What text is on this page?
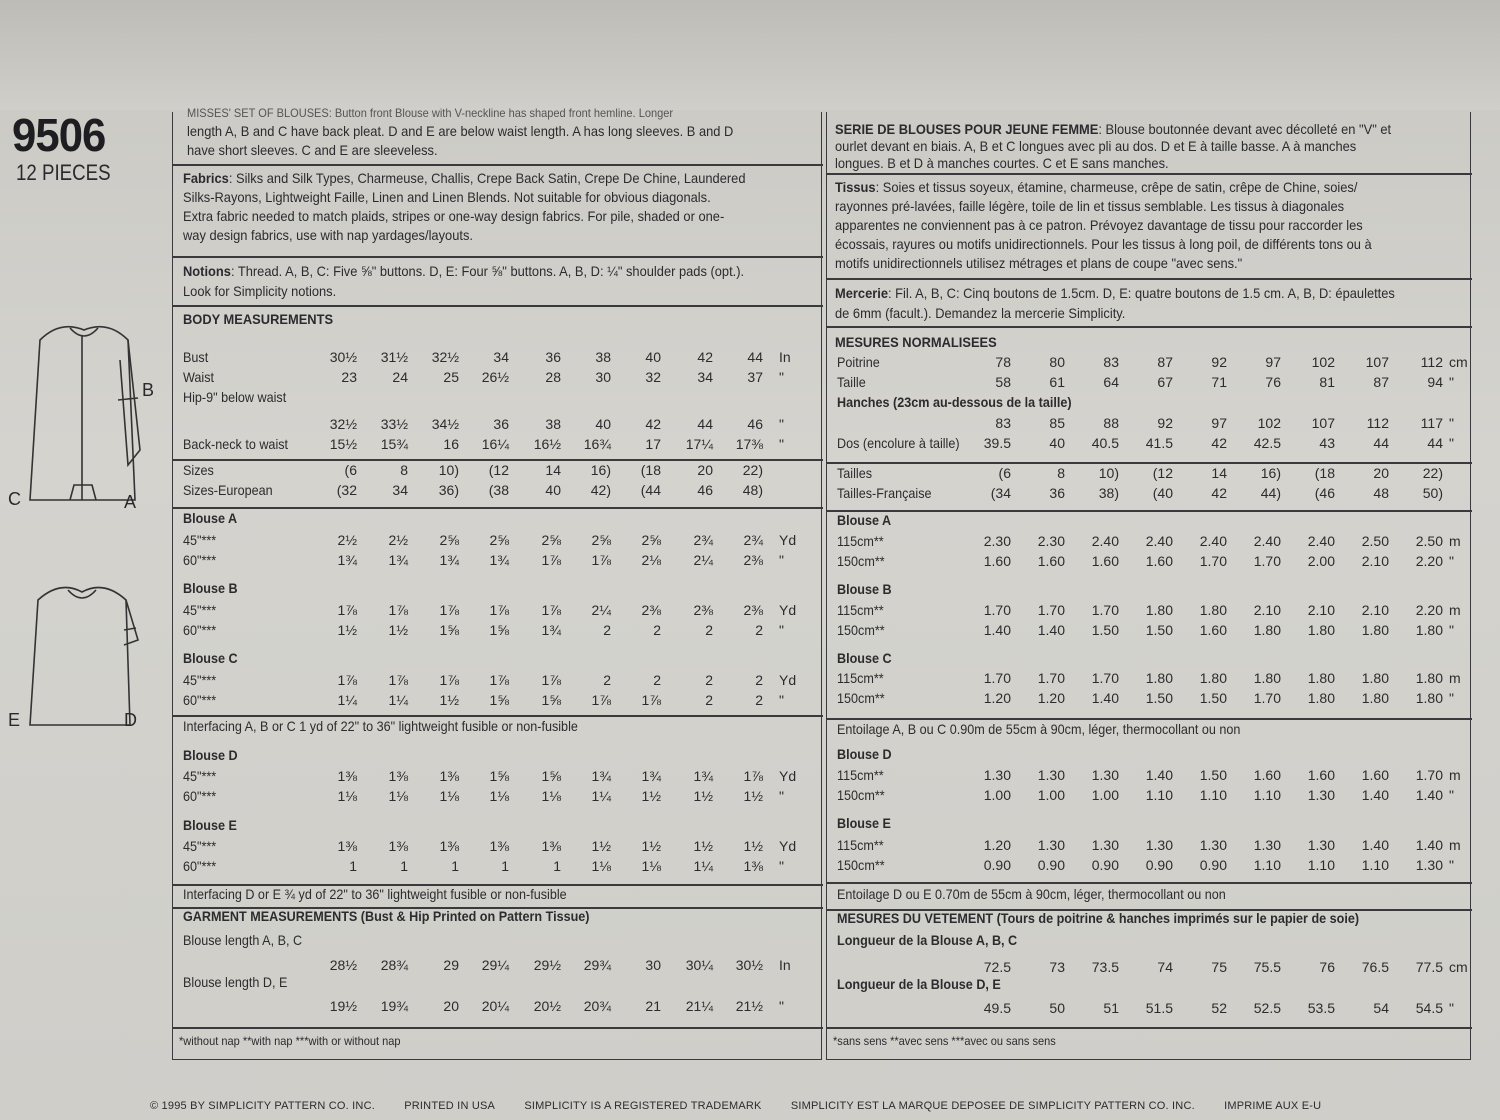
9506
12 PIECES
B
C	A
E	D
MISSES' SET OF BLOUSES: Button front Blouse with V-neckline has shaped front hemline. Longer
length A, B and C have back pleat. D and E are below waist length. A has long sleeves. B and D
have short sleeves. C and E are sleeveless.
Fabrics: Silks and Silk Types, Charmeuse, Challis, Crepe Back Satin, Crepe De Chine, Laundered
Silks-Rayons, Lightweight Faille, Linen and Linen Blends. Not suitable for obvious diagonals.
Extra fabric needed to match plaids, stripes or one-way design fabrics. For pile, shaded or one-
way design fabrics, use with nap yardages/layouts.
Notions: Thread. A, B, C: Five ⅝" buttons. D, E: Four ⅝" buttons. A, B, D: ¼" shoulder pads (opt.).
Look for Simplicity notions.
BODY MEASUREMENTS
Bust	30½	31½	32½	34	36	38	40	42	44 In
Waist	23	24	25	26½	28	30	32	34	37 "
Hip-9" below waist
32½	33½	34½	36	38	40	42	44	46 "
Back-neck to waist	15½	15¾	16	16¼	16½	16¾	17	17¼	17⅜ "
Sizes	(6	8	10)	(12	14	16)	(18	20	22)
Sizes-European	(32	34	36)	(38	40	42)	(44	46	48)
Blouse A
45"***	2½	2½	2⅝	2⅝	2⅝	2⅝	2⅝	2¾	2¾ Yd
60"***	1¾	1¾	1¾	1¾	1⅞	1⅞	2⅛	2¼	2⅜ "
Blouse B
45"***	1⅞	1⅞	1⅞	1⅞	1⅞	2¼	2⅜	2⅜	2⅜ Yd
60"***	1½	1½	1⅝	1⅝	1¾	2	2	2	2 "
Blouse C
45"***	1⅞	1⅞	1⅞	1⅞	1⅞	2	2	2	2 Yd
60"***	1¼	1¼	1½	1⅝	1⅝	1⅞	1⅞	2	2 "
Interfacing A, B or C 1 yd of 22" to 36" lightweight fusible or non-fusible
Blouse D
45"***	1⅜	1⅜	1⅜	1⅝	1⅝	1¾	1¾	1¾	1⅞ Yd
60"***	1⅛	1⅛	1⅛	1⅛	1⅛	1¼	1½	1½	1½ "
Blouse E
45"***	1⅜	1⅜	1⅜	1⅜	1⅜	1½	1½	1½	1½ Yd
60"***	1	1	1	1	1	1⅛	1⅛	1¼	1⅜ "
Interfacing D or E ¾ yd of 22" to 36" lightweight fusible or non-fusible
GARMENT MEASUREMENTS (Bust & Hip Printed on Pattern Tissue)
Blouse length A, B, C
28½	28¾	29	29¼	29½	29¾	30	30¼	30½ In
Blouse length D, E
19½	19¾	20	20¼	20½	20¾	21	21¼	21½ "
*without nap **with nap ***with or without nap
SERIE DE BLOUSES POUR JEUNE FEMME: Blouse boutonnée devant avec décolleté en "V" et
ourlet devant en biais. A, B et C longues avec pli au dos. D et E à taille basse. A à manches
longues. B et D à manches courtes. C et E sans manches.
Tissus: Soies et tissus soyeux, étamine, charmeuse, crêpe de satin, crêpe de Chine, soies/
rayonnes pré-lavées, faille légère, toile de lin et tissus semblable. Les tissus à diagonales
apparentes ne conviennent pas à ce patron. Prévoyez davantage de tissu pour raccorder les
écossais, rayures ou motifs unidirectionnels. Pour les tissus à long poil, de différents tons ou à
motifs unidirectionnels utilisez métrages et plans de coupe "avec sens."
Mercerie: Fil. A, B, C: Cinq boutons de 1.5cm. D, E: quatre boutons de 1.5 cm. A, B, D: épaulettes
de 6mm (facult.). Demandez la mercerie Simplicity.
MESURES NORMALISEES
Poitrine	78	80	83	87	92	97	102	107	112 cm
Taille	58	61	64	67	71	76	81	87	94 "
Hanches (23cm au-dessous de la taille)
83	85	88	92	97	102	107	112	117 "
Dos (encolure à taille)	39.5	40	40.5	41.5	42	42.5	43	44	44 "
Tailles	(6	8	10)	(12	14	16)	(18	20	22)
Tailles-Française	(34	36	38)	(40	42	44)	(46	48	50)
Blouse A
115cm**	2.30	2.30	2.40	2.40	2.40	2.40	2.40	2.50	2.50 m
150cm**	1.60	1.60	1.60	1.60	1.70	1.70	2.00	2.10	2.20 "
Blouse B
115cm**	1.70	1.70	1.70	1.80	1.80	2.10	2.10	2.10	2.20 m
150cm**	1.40	1.40	1.50	1.50	1.60	1.80	1.80	1.80	1.80 "
Blouse C
115cm**	1.70	1.70	1.70	1.80	1.80	1.80	1.80	1.80	1.80 m
150cm**	1.20	1.20	1.40	1.50	1.50	1.70	1.80	1.80	1.80 "
Entoilage A, B ou C 0.90m de 55cm à 90cm, léger, thermocollant ou non
Blouse D
115cm**	1.30	1.30	1.30	1.40	1.50	1.60	1.60	1.60	1.70 m
150cm**	1.00	1.00	1.00	1.10	1.10	1.10	1.30	1.40	1.40 "
Blouse E
115cm**	1.20	1.30	1.30	1.30	1.30	1.30	1.30	1.40	1.40 m
150cm**	0.90	0.90	0.90	0.90	0.90	1.10	1.10	1.10	1.30 "
Entoilage D ou E 0.70m de 55cm à 90cm, léger, thermocollant ou non
MESURES DU VETEMENT (Tours de poitrine & hanches imprimés sur le papier de soie)
Longueur de la Blouse A, B, C
72.5	73	73.5	74	75	75.5	76	76.5	77.5 cm
Longueur de la Blouse D, E
49.5	50	51	51.5	52	52.5	53.5	54	54.5 "
*sans sens **avec sens ***avec ou sans sens
© 1995 BY SIMPLICITY PATTERN CO. INC.	PRINTED IN USA	SIMPLICITY IS A REGISTERED TRADEMARK	SIMPLICITY EST LA MARQUE DEPOSEE DE SIMPLICITY PATTERN CO. INC.	IMPRIME AUX E-U
